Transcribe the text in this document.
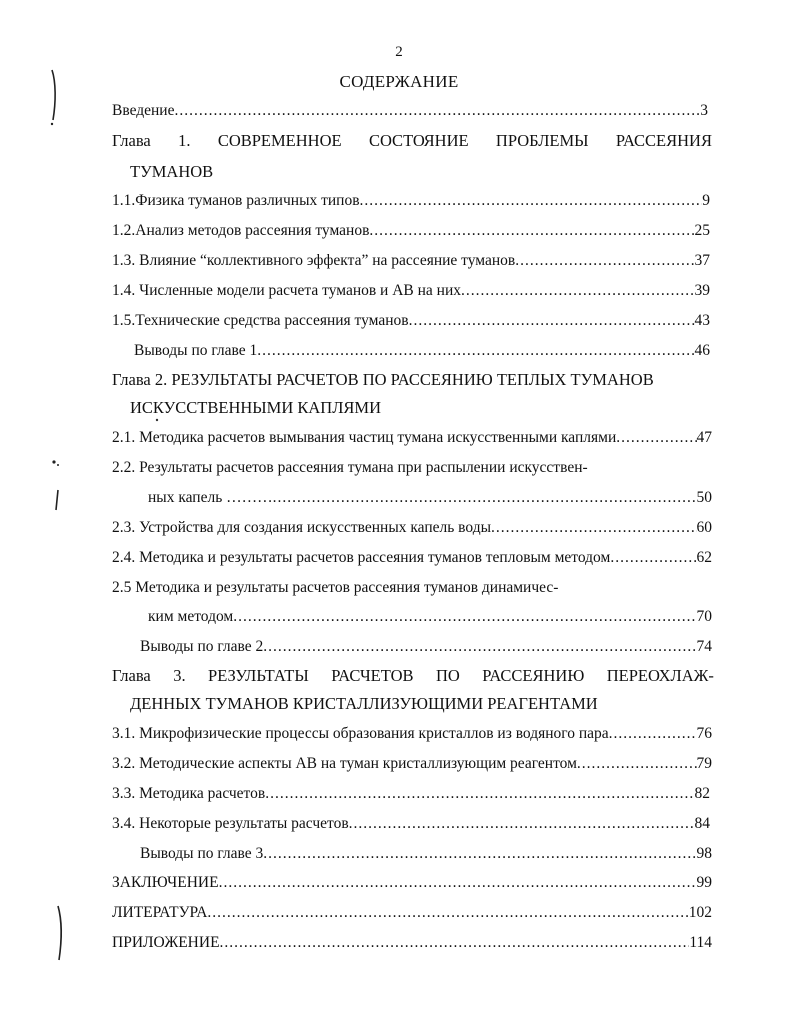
2
СОДЕРЖАНИЕ
Введение .....	3
Глава 1. СОВРЕМЕННОЕ СОСТОЯНИЕ ПРОБЛЕМЫ РАССЕЯНИЯ
ТУМАНОВ
1.1.Физика туманов различных типов .....	9
1.2.Анализ методов рассеяния туманов .....	25
1.3. Влияние “коллективного эффекта” на рассеяние туманов .....	37
1.4. Численные модели расчета туманов и АВ на них .....	39
1.5.Технические средства рассеяния туманов .....	43
Выводы по главе 1 .....	46
Глава 2. РЕЗУЛЬТАТЫ РАСЧЕТОВ ПО РАССЕЯНИЮ ТЕПЛЫХ ТУМАНОВ
ИСКУССТВЕННЫМИ КАПЛЯМИ
2.1. Методика расчетов вымывания частиц тумана искусственными каплями .....	47
2.2. Результаты расчетов рассеяния тумана при распылении искусствен-
ных капель ……… .....	50
2.3. Устройства для создания искусственных капель воды .....	60
2.4. Методика и результаты расчетов рассеяния туманов тепловым методом .....	62
2.5 Методика и результаты расчетов рассеяния туманов динамичес-
ким методом .....	70
Выводы по главе 2 .....	74
Глава 3. РЕЗУЛЬТАТЫ РАСЧЕТОВ ПО РАССЕЯНИЮ ПЕРЕОХЛАЖ-
ДЕННЫХ ТУМАНОВ КРИСТАЛЛИЗУЮЩИМИ РЕАГЕНТАМИ
3.1. Микрофизические процессы образования кристаллов из водяного пара .....	76
3.2. Методические аспекты АВ на туман кристаллизующим реагентом .....	79
3.3. Методика расчетов .....	82
3.4. Некоторые результаты расчетов .....	84
Выводы по главе 3 .....	98
ЗАКЛЮЧЕНИЕ .....	99
ЛИТЕРАТУРА .....	102
ПРИЛОЖЕНИЕ .....	114
